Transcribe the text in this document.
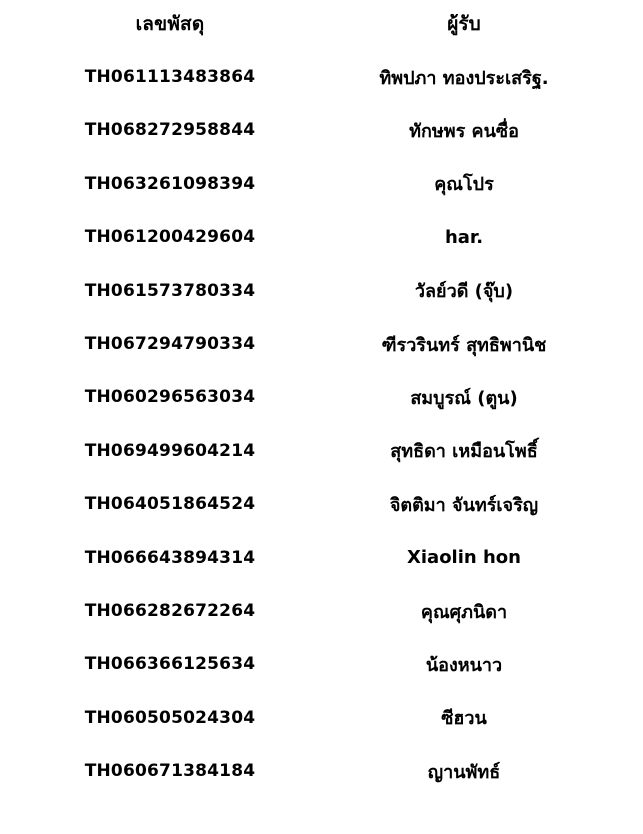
เลขพัสดุ	ผู้รับ
TH061113483864	ทิพปภา ทองประเสริฐ.
TH068272958844	ทักษพร คนซื่อ
TH063261098394	คุณโปร
TH061200429604	har.
TH061573780334	วัลย์วดี (จุ๊บ)
TH067294790334	ฑีรวรินทร์ สุทธิพานิช
TH060296563034	สมบูรณ์ (ตูน)
TH069499604214	สุทธิดา เหมือนโพธิ์
TH064051864524	จิตติมา จันทร์เจริญ
TH066643894314	Xiaolin hon
TH066282672264	คุณศุภนิดา
TH066366125634	น้องหนาว
TH060505024304	ซีฮวน
TH060671384184	ญานพัทธ์
